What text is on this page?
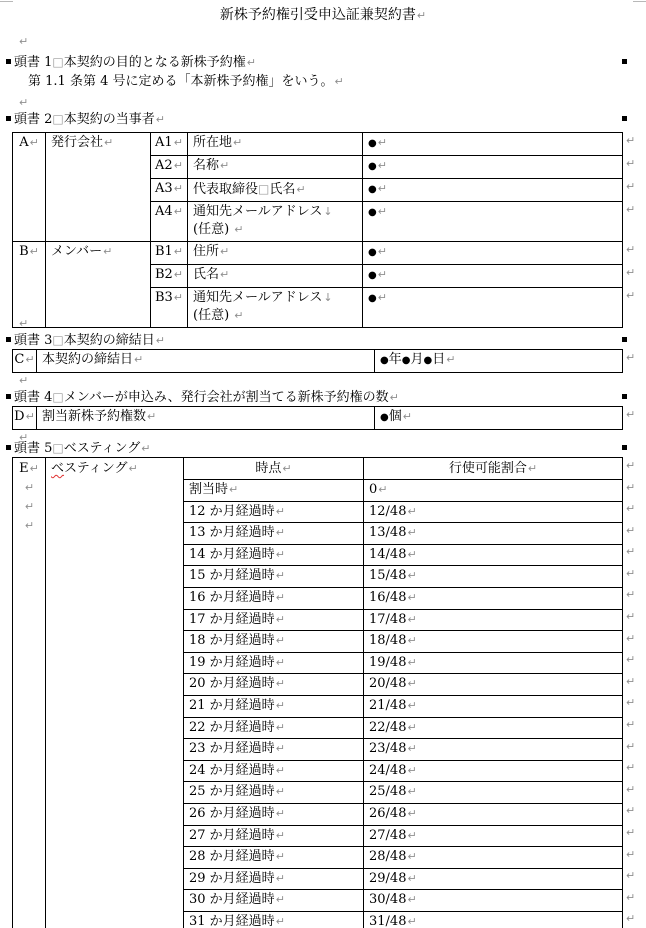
新株予約権引受申込証兼契約書↵
↵
頭書 1□本契約の目的となる新株予約権↵
第 1.1 条第 4 号に定める「本新株予約権」をいう。↵
↵
頭書 2□本契約の当事者↵
A↵	発行会社↵	A1↵	所在地↵	●↵
		A2↵	名称↵	●↵
		A3↵	代表取締役□氏名↵	●↵
		A4↵	通知先メールアドレス↓
(任意) ↵	●↵
B↵	メンバー↵	B1↵	住所↵	●↵
		B2↵	氏名↵	●↵
		B3↵	通知先メールアドレス↓
(任意) ↵	●↵
↵
↵
↵
↵
↵
↵
↵
↵
頭書 3□本契約の締結日↵
C↵	本契約の締結日↵	●年●月●日↵	↵
↵
頭書 4□メンバーが申込み、発行会社が割当てる新株予約権の数↵
D↵	割当新株予約権数↵	●個↵	↵
↵
頭書 5□ベスティング↵
E↵
↵
↵
↵	ベスティング↵	時点↵	行使可能割合↵
		割当時↵	0↵
		12 か月経過時↵	12/48↵
		13 か月経過時↵	13/48↵
		14 か月経過時↵	14/48↵
		15 か月経過時↵	15/48↵
		16 か月経過時↵	16/48↵
		17 か月経過時↵	17/48↵
		18 か月経過時↵	18/48↵
		19 か月経過時↵	19/48↵
		20 か月経過時↵	20/48↵
		21 か月経過時↵	21/48↵
		22 か月経過時↵	22/48↵
		23 か月経過時↵	23/48↵
		24 か月経過時↵	24/48↵
		25 か月経過時↵	25/48↵
		26 か月経過時↵	26/48↵
		27 か月経過時↵	27/48↵
		28 か月経過時↵	28/48↵
		29 か月経過時↵	29/48↵
		30 か月経過時↵	30/48↵
		31 か月経過時↵	31/48↵
↵
↵
↵
↵
↵
↵
↵
↵
↵
↵
↵
↵
↵
↵
↵
↵
↵
↵
↵
↵
↵
↵
